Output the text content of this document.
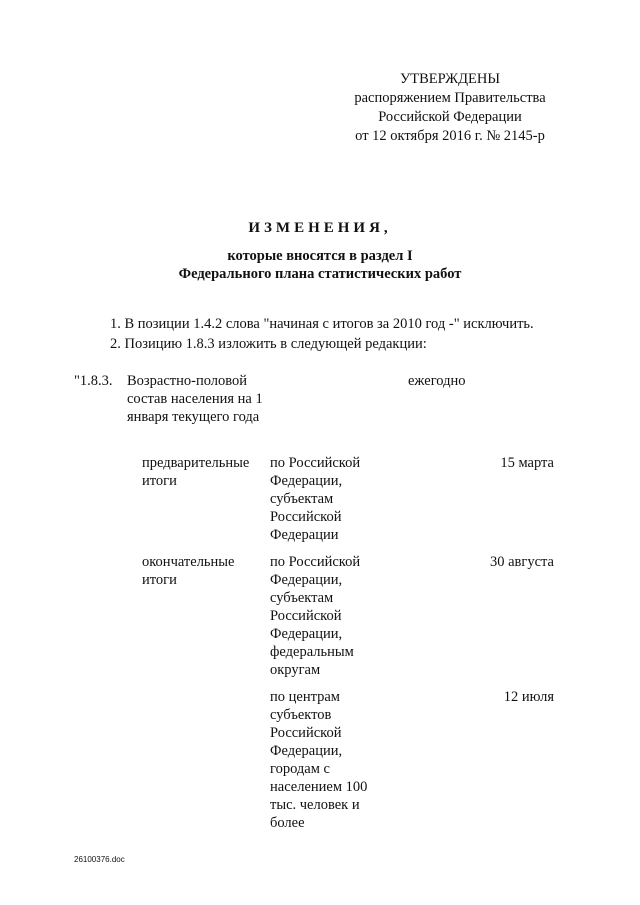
УТВЕРЖДЕНЫ
распоряжением Правительства
Российской Федерации
от 12 октября 2016 г. № 2145-р
ИЗМЕНЕНИЯ,
которые вносятся в раздел I
Федерального плана статистических работ
1. В позиции 1.4.2 слова "начиная с итогов за 2010 год -" исключить.
2. Позицию 1.8.3 изложить в следующей редакции:
"1.8.3. Возрастно-половой состав населения на 1 января текущего года
ежегодно
предварительные итоги
по Российской Федерации, субъектам Российской Федерации
15 марта
окончательные итоги
по Российской Федерации, субъектам Российской Федерации, федеральным округам
30 августа
по центрам субъектов Российской Федерации, городам с населением 100 тыс. человек и более
12 июля
26100376.doc
